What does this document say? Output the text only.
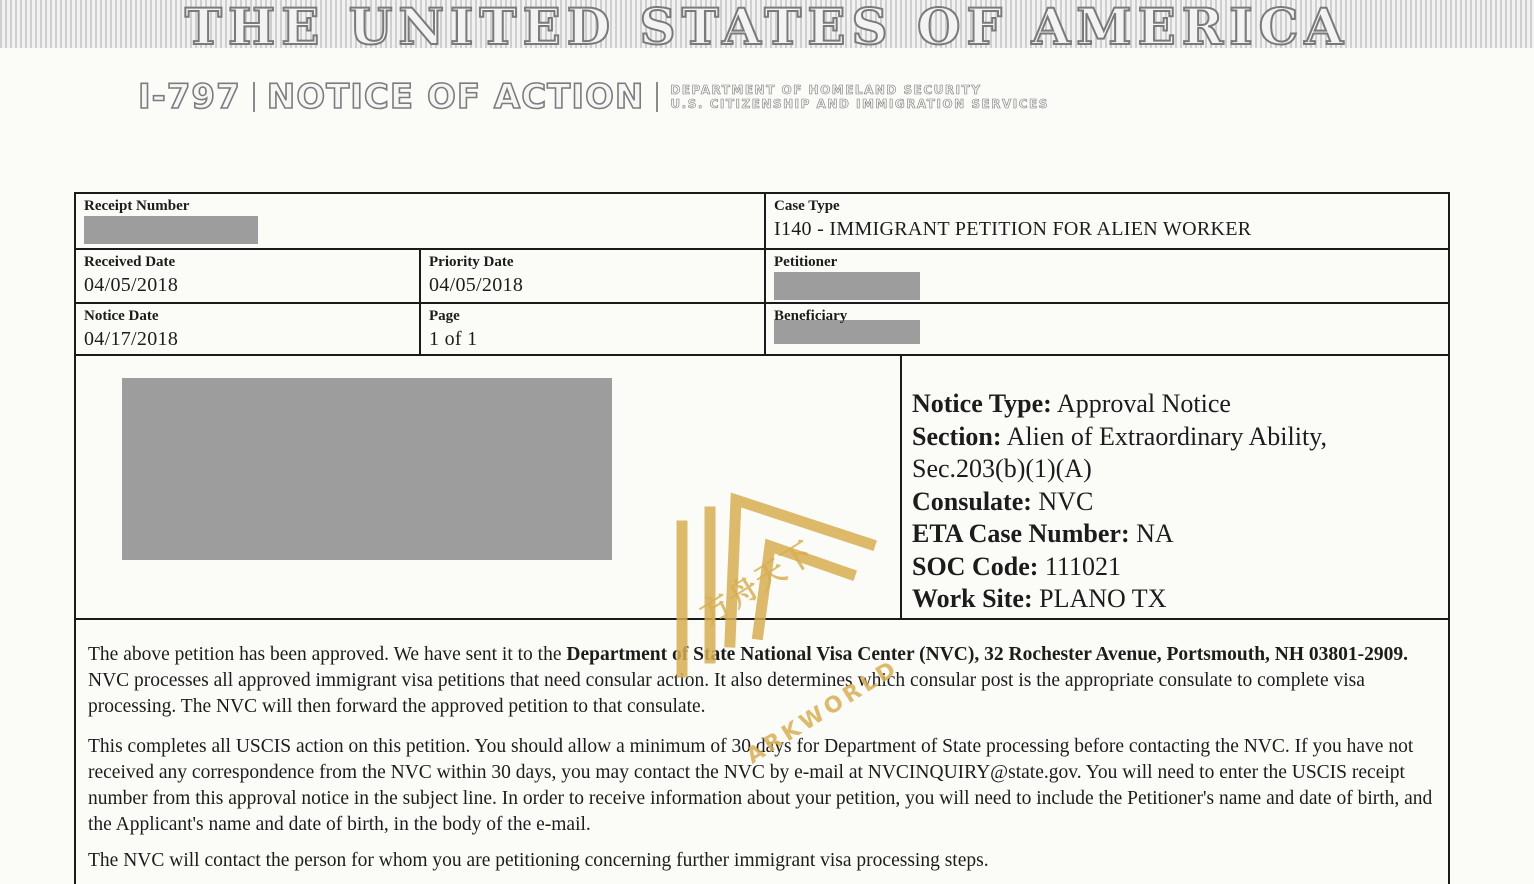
THE UNITED STATES OF AMERICA
I-797 NOTICE OF ACTION DEPARTMENT OF HOMELAND SECURITY
U.S. CITIZENSHIP AND IMMIGRATION SERVICES
Receipt Number	Case Type
I140 - IMMIGRANT PETITION FOR ALIEN WORKER
Received Date
04/05/2018
Priority Date
04/05/2018
Petitioner
Notice Date
04/17/2018
Page
1 of 1
Beneficiary
Notice Type: Approval Notice
Section: Alien of Extraordinary Ability,
Sec.203(b)(1)(A)
Consulate: NVC
ETA Case Number: NA
SOC Code: 111021
Work Site: PLANO TX

The above petition has been approved. We have sent it to the Department of State National Visa Center (NVC), 32 Rochester Avenue, Portsmouth, NH 03801-2909. NVC processes all approved immigrant visa petitions that need consular action. It also determines which consular post is the appropriate consulate to complete visa processing. The NVC will then forward the approved petition to that consulate.

This completes all USCIS action on this petition. You should allow a minimum of 30 days for Department of State processing before contacting the NVC. If you have not received any correspondence from the NVC within 30 days, you may contact the NVC by e-mail at NVCINQUIRY@state.gov. You will need to enter the USCIS receipt number from this approval notice in the subject line. In order to receive information about your petition, you will need to include the Petitioner's name and date of birth, and the Applicant's name and date of birth, in the body of the e-mail.

The NVC will contact the person for whom you are petitioning concerning further immigrant visa processing steps.

方舟天下
ARKWORLD
